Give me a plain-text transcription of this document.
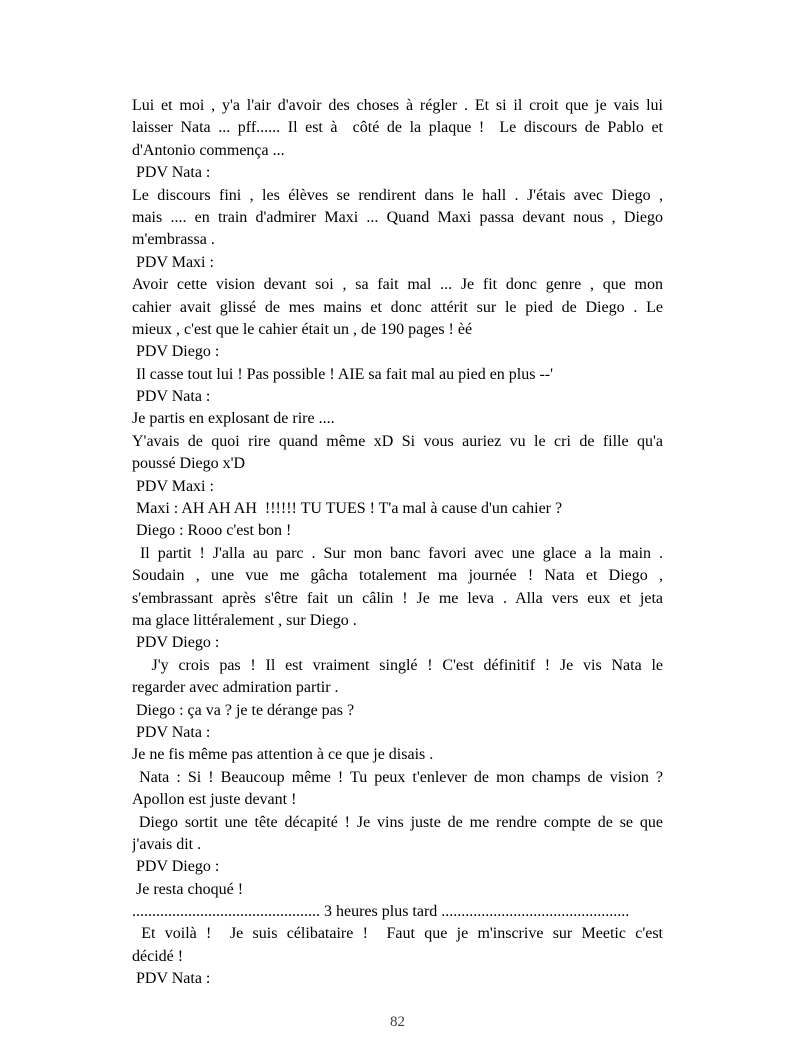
Lui et moi , y'a l'air d'avoir des choses à régler . Et si il croit que je vais lui
laisser Nata ... pff...... Il est à  côté de la plaque !  Le discours de Pablo et
d'Antonio commença ...
PDV Nata :
Le discours fini , les élèves se rendirent dans le hall . J'étais avec Diego ,
mais .... en train d'admirer Maxi ... Quand Maxi passa devant nous , Diego
m'embrassa .
PDV Maxi :
Avoir cette vision devant soi , sa fait mal ... Je fit donc genre , que mon
cahier avait glissé de mes mains et donc attérit sur le pied de Diego . Le
mieux , c'est que le cahier était un , de 190 pages ! èé
PDV Diego :
Il casse tout lui ! Pas possible ! AIE sa fait mal au pied en plus --'
PDV Nata :
Je partis en explosant de rire ....
Y'avais de quoi rire quand même xD Si vous auriez vu le cri de fille qu'a
poussé Diego x'D
PDV Maxi :
Maxi : AH AH AH  !!!!!! TU TUES ! T'a mal à cause d'un cahier ?
Diego : Rooo c'est bon !
Il partit ! J'alla au parc . Sur mon banc favori avec une glace a la main .
Soudain , une vue me gâcha totalement ma journée ! Nata et Diego ,
s'embrassant après s'être fait un câlin ! Je me leva . Alla vers eux et jeta
ma glace littéralement , sur Diego .
PDV Diego :
J'y crois pas ! Il est vraiment singlé ! C'est définitif ! Je vis Nata le
regarder avec admiration partir .
Diego : ça va ? je te dérange pas ?
PDV Nata :
Je ne fis même pas attention à ce que je disais .
Nata : Si ! Beaucoup même ! Tu peux t'enlever de mon champs de vision ?
Apollon est juste devant !
Diego sortit une tête décapité ! Je vins juste de me rendre compte de se que
j'avais dit .
PDV Diego :
Je resta choqué !
............................................... 3 heures plus tard ...............................................
Et voilà !  Je suis célibataire !  Faut que je m'inscrive sur Meetic c'est
décidé !
PDV Nata :
82
